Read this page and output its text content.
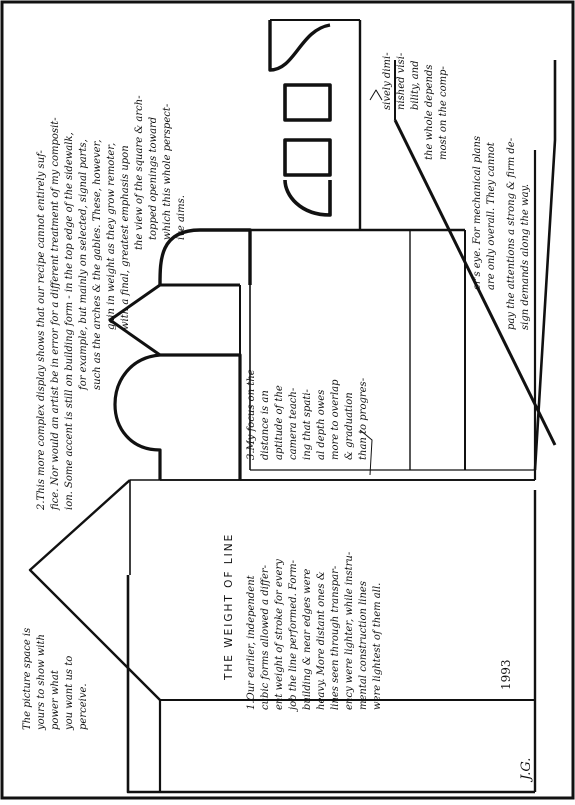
The picture space is yours to show with power what you want us to perceive.
THE WEIGHT OF LINE 1.Our earlier, independent cubic forms allowed a differ- ent weight of stroke for every job the line performed. Form- building & near edges were heavy. More distant ones & lines seen through transpar- ency were lighter, while instru- mental construction lines were lightest of them all.
2.This more complex display shows that our recipe cannot entirely suf- fice. Nor would an artist be in error for a different treatment of my composit- ion. Some accent is still on building form - in the top edge of the sidewalk, for example, but mainly on selected, signal parts, such as the arches & the gables. These, however, gain in weight as they grow remoter, with a final, greatest emphasis upon the view of the square & arch- topped openings toward which this whole perspect- ive aims.
3.My focus on the distance is an aptitude of the camera teach- ing that spati- al depth owes more to overlap & graduation than to progres-
sively dimi- nished visi- bility, and the whole depends most on the comp-
er's eye. For mechanical plans are only overall. They cannot pay the attentions a strong & firm de- sign demands along the way.
J.G.
1993
